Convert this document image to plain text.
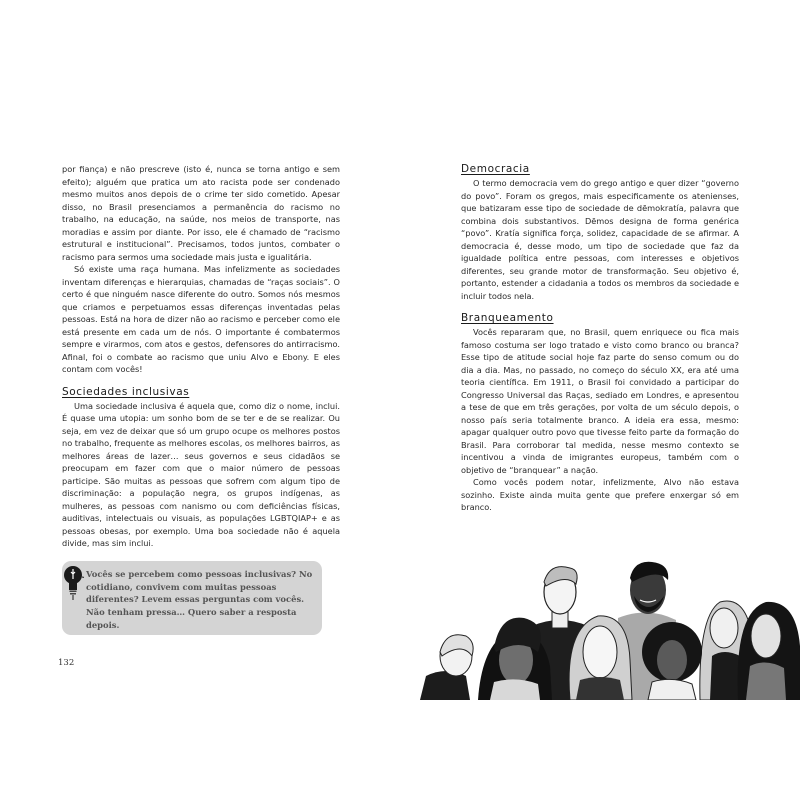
por fiança) e não prescreve (isto é, nunca se torna antigo e sem efeito); alguém que pratica um ato racista pode ser condenado mesmo muitos anos depois de o crime ter sido cometido. Apesar disso, no Brasil presenciamos a permanência do racismo no trabalho, na educação, na saúde, nos meios de transporte, nas moradias e assim por diante. Por isso, ele é chamado de “racismo estrutural e institucional”. Precisamos, todos juntos, combater o racismo para sermos uma sociedade mais justa e igualitária.

Só existe uma raça humana. Mas infelizmente as sociedades inventam diferenças e hierarquias, chamadas de “raças sociais”. O certo é que ninguém nasce diferente do outro. Somos nós mesmos que criamos e perpetuamos essas diferenças inventadas pelas pessoas. Está na hora de dizer não ao racismo e perceber como ele está presente em cada um de nós. O importante é combatermos sempre e virarmos, com atos e gestos, defensores do antirracismo. Afinal, foi o combate ao racismo que uniu Alvo e Ebony. E eles contam com vocês!

Sociedades inclusivas

Uma sociedade inclusiva é aquela que, como diz o nome, inclui. É quase uma utopia: um sonho bom de se ter e de se realizar. Ou seja, em vez de deixar que só um grupo ocupe os melhores postos no trabalho, frequente as melhores escolas, os melhores bairros, as melhores áreas de lazer… seus governos e seus cidadãos se preocupam em fazer com que o maior número de pessoas participe. São muitas as pessoas que sofrem com algum tipo de discriminação: a população negra, os grupos indígenas, as mulheres, as pessoas com nanismo ou com deficiências físicas, auditivas, intelectuais ou visuais, as populações LGBTQIAP+ e as pessoas obesas, por exemplo. Uma boa sociedade não é aquela divide, mas sim inclui.

Vocês se percebem como pessoas inclusivas? No cotidiano, convivem com muitas pessoas diferentes? Levem essas perguntas com vocês. Não tenham pressa… Quero saber a resposta depois.
132
Democracia

O termo democracia vem do grego antigo e quer dizer “governo do povo”. Foram os gregos, mais especificamente os atenienses, que batizaram esse tipo de sociedade de dēmokratía, palavra que combina dois substantivos. Dēmos designa de forma genérica “povo”. Kratía significa força, solidez, capacidade de se afirmar. A democracia é, desse modo, um tipo de sociedade que faz da igualdade política entre pessoas, com interesses e objetivos diferentes, seu grande motor de transformação. Seu objetivo é, portanto, estender a cidadania a todos os membros da sociedade e incluir todos nela.

Branqueamento

Vocês repararam que, no Brasil, quem enriquece ou fica mais famoso costuma ser logo tratado e visto como branco ou branca? Esse tipo de atitude social hoje faz parte do senso comum ou do dia a dia. Mas, no passado, no começo do século XX, era até uma teoria científica. Em 1911, o Brasil foi convidado a participar do Congresso Universal das Raças, sediado em Londres, e apresentou a tese de que em três gerações, por volta de um século depois, o nosso país seria totalmente branco. A ideia era essa, mesmo: apagar qualquer outro povo que tivesse feito parte da formação do Brasil. Para corroborar tal medida, nesse mesmo contexto se incentivou a vinda de imigrantes europeus, também com o objetivo de “branquear” a nação.

Como vocês podem notar, infelizmente, Alvo não estava sozinho. Existe ainda muita gente que prefere enxergar só em branco.
